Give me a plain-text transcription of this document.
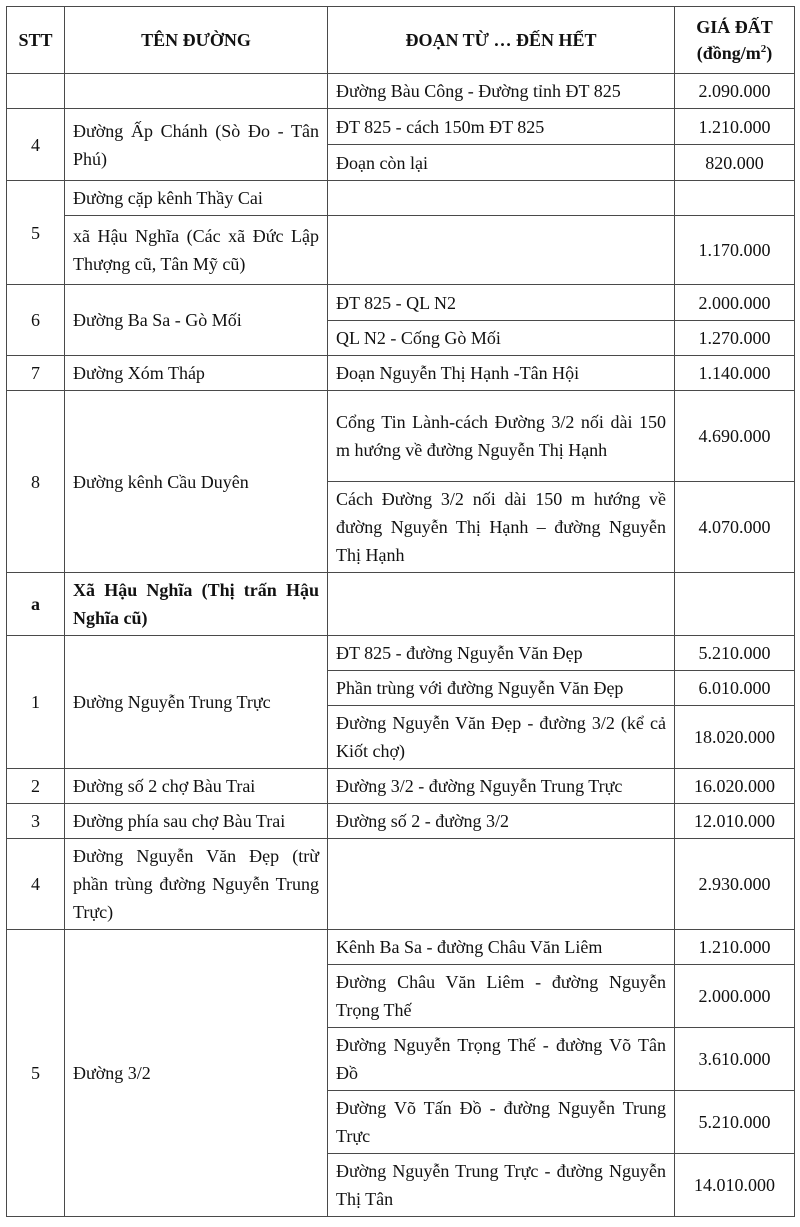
STT	TÊN ĐƯỜNG	ĐOẠN TỪ … ĐẾN HẾT	GIÁ ĐẤT
$(đồng/m^2)$
		Đường Bàu Công - Đường tỉnh ĐT 825	2.090.000
4	Đường Ấp Chánh (Sò Đo - Tân Phú)	ĐT 825 - cách 150m ĐT 825	1.210.000
		Đoạn còn lại	820.000
5	Đường cặp kênh Thầy Cai		
	xã Hậu Nghĩa (Các xã Đức Lập Thượng cũ, Tân Mỹ cũ)		1.170.000
6	Đường Ba Sa - Gò Mối	ĐT 825 - QL N2	2.000.000
		QL N2 - Cống Gò Mối	1.270.000
7	Đường Xóm Tháp	Đoạn Nguyễn Thị Hạnh -Tân Hội	1.140.000
8	Đường kênh Cầu Duyên	Cổng Tin Lành-cách Đường 3/2 nối dài 150 m hướng về đường Nguyễn Thị Hạnh	4.690.000
		Cách Đường 3/2 nối dài 150 m hướng về đường Nguyễn Thị Hạnh – đường Nguyễn Thị Hạnh	4.070.000
a	Xã Hậu Nghĩa (Thị trấn Hậu Nghĩa cũ)		
1	Đường Nguyễn Trung Trực	ĐT 825 - đường Nguyễn Văn Đẹp	5.210.000
		Phần trùng với đường Nguyễn Văn Đẹp	6.010.000
		Đường Nguyễn Văn Đẹp - đường 3/2 (kể cả Kiốt chợ)	18.020.000
2	Đường số 2 chợ Bàu Trai	Đường 3/2 - đường Nguyễn Trung Trực	16.020.000
3	Đường phía sau chợ Bàu Trai	Đường số 2 - đường 3/2	12.010.000
4	Đường Nguyễn Văn Đẹp (trừ phần trùng đường Nguyễn Trung Trực)		2.930.000
5	Đường 3/2	Kênh Ba Sa - đường Châu Văn Liêm	1.210.000
		Đường Châu Văn Liêm - đường Nguyễn Trọng Thế	2.000.000
		Đường Nguyễn Trọng Thế - đường Võ Tân Đồ	3.610.000
		Đường Võ Tấn Đồ - đường Nguyễn Trung Trực	5.210.000
		Đường Nguyễn Trung Trực - đường Nguyễn Thị Tân	14.010.000
